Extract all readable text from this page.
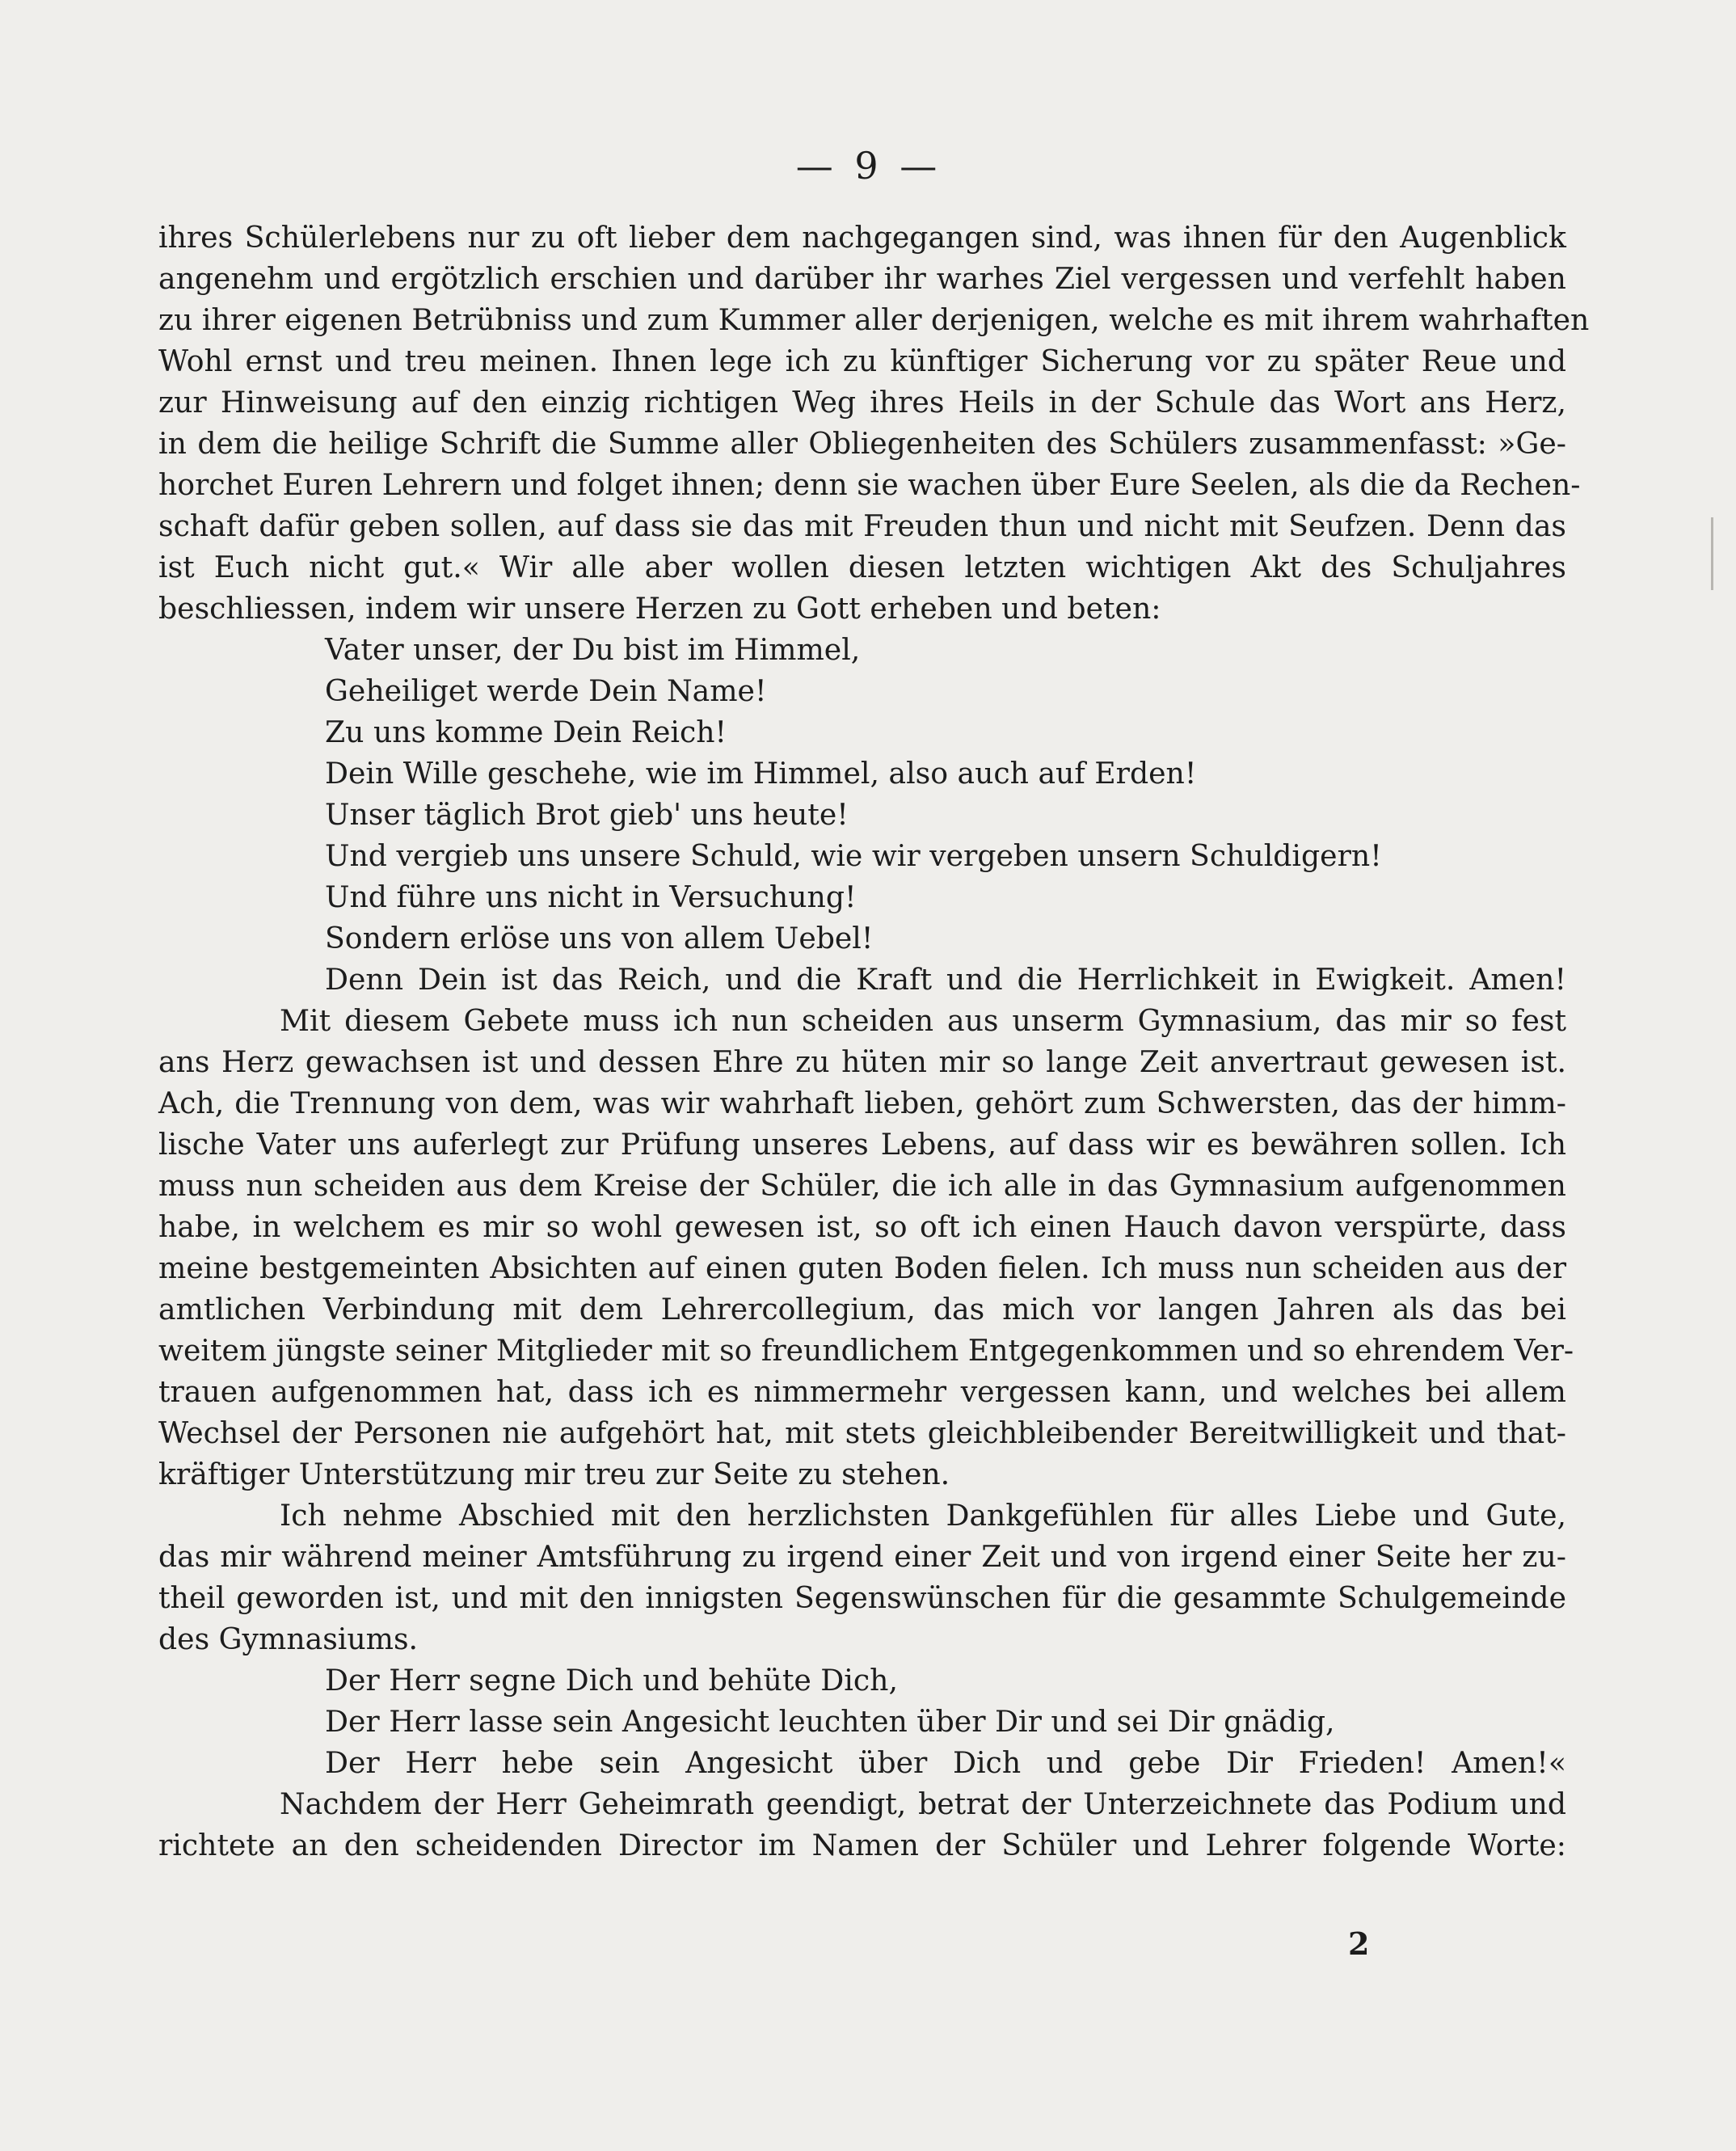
— 9 —
ihres Schülerlebens nur zu oft lieber dem nachgegangen sind, was ihnen für den Augenblick
angenehm und ergötzlich erschien und darüber ihr warhes Ziel vergessen und verfehlt haben
zu ihrer eigenen Betrübniss und zum Kummer aller derjenigen, welche es mit ihrem wahrhaften
Wohl ernst und treu meinen. Ihnen lege ich zu künftiger Sicherung vor zu später Reue und
zur Hinweisung auf den einzig richtigen Weg ihres Heils in der Schule das Wort ans Herz,
in dem die heilige Schrift die Summe aller Obliegenheiten des Schülers zusammenfasst: »Ge-
horchet Euren Lehrern und folget ihnen; denn sie wachen über Eure Seelen, als die da Rechen-
schaft dafür geben sollen, auf dass sie das mit Freuden thun und nicht mit Seufzen. Denn das
ist Euch nicht gut.« Wir alle aber wollen diesen letzten wichtigen Akt des Schuljahres
beschliessen, indem wir unsere Herzen zu Gott erheben und beten:
Vater unser, der Du bist im Himmel,
Geheiliget werde Dein Name!
Zu uns komme Dein Reich!
Dein Wille geschehe, wie im Himmel, also auch auf Erden!
Unser täglich Brot gieb' uns heute!
Und vergieb uns unsere Schuld, wie wir vergeben unsern Schuldigern!
Und führe uns nicht in Versuchung!
Sondern erlöse uns von allem Uebel!
Denn Dein ist das Reich, und die Kraft und die Herrlichkeit in Ewigkeit. Amen!
Mit diesem Gebete muss ich nun scheiden aus unserm Gymnasium, das mir so fest
ans Herz gewachsen ist und dessen Ehre zu hüten mir so lange Zeit anvertraut gewesen ist.
Ach, die Trennung von dem, was wir wahrhaft lieben, gehört zum Schwersten, das der himm-
lische Vater uns auferlegt zur Prüfung unseres Lebens, auf dass wir es bewähren sollen. Ich
muss nun scheiden aus dem Kreise der Schüler, die ich alle in das Gymnasium aufgenommen
habe, in welchem es mir so wohl gewesen ist, so oft ich einen Hauch davon verspürte, dass
meine bestgemeinten Absichten auf einen guten Boden fielen. Ich muss nun scheiden aus der
amtlichen Verbindung mit dem Lehrercollegium, das mich vor langen Jahren als das bei
weitem jüngste seiner Mitglieder mit so freundlichem Entgegenkommen und so ehrendem Ver-
trauen aufgenommen hat, dass ich es nimmermehr vergessen kann, und welches bei allem
Wechsel der Personen nie aufgehört hat, mit stets gleichbleibender Bereitwilligkeit und that-
kräftiger Unterstützung mir treu zur Seite zu stehen.
Ich nehme Abschied mit den herzlichsten Dankgefühlen für alles Liebe und Gute,
das mir während meiner Amtsführung zu irgend einer Zeit und von irgend einer Seite her zu-
theil geworden ist, und mit den innigsten Segenswünschen für die gesammte Schulgemeinde
des Gymnasiums.
Der Herr segne Dich und behüte Dich,
Der Herr lasse sein Angesicht leuchten über Dir und sei Dir gnädig,
Der Herr hebe sein Angesicht über Dich und gebe Dir Frieden! Amen!«
Nachdem der Herr Geheimrath geendigt, betrat der Unterzeichnete das Podium und
richtete an den scheidenden Director im Namen der Schüler und Lehrer folgende Worte:
2
